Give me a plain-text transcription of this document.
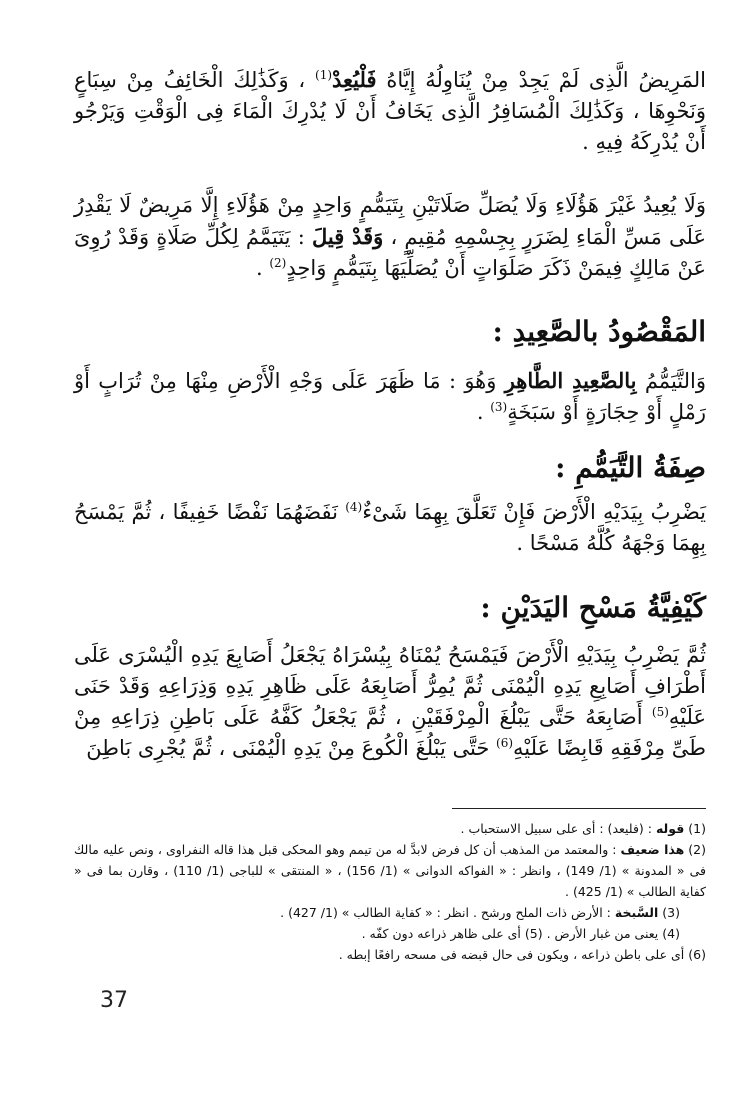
المَرِيضُ الَّذِى لَمْ يَجِدْ مِنْ يُنَاوِلُهُ إِيَّاهُ فَلْيُعِدْ$^{(1)}$ ، وَكَذَٰلِكَ الْخَائِفُ مِنْ سِبَاعٍ وَنَحْوِهَا ، وَكَذَٰلِكَ الْمُسَافِرُ الَّذِى يَخَافُ أَنْ لَا يُدْرِكَ الْمَاءَ فِى الْوَقْتِ وَيَرْجُو أَنْ يُدْرِكَهُ فِيهِ .

وَلَا يُعِيدُ غَيْرَ هَؤُلَاءِ وَلَا يُصَلِّ صَلَاتَيْنِ بِتَيَمُّمٍ وَاحِدٍ مِنْ هَؤُلَاءِ إِلَّا مَرِيضٌ لَا يَقْدِرُ عَلَى مَسِّ الْمَاءِ لِضَرَرٍ بِجِسْمِهِ مُقِيمٍ ، وَقَدْ قِيلَ : يَتَيَمَّمُ لِكُلِّ صَلَاةٍ وَقَدْ رُوِىَ عَنْ مَالِكٍ فِيمَنْ ذَكَرَ صَلَوَاتٍ أَنْ يُصَلِّيَهَا بِتَيَمُّمٍ وَاحِدٍ$^{(2)}$ .

المَقْصُودُ بالصَّعِيدِ :

وَالتَّيَمُّمُ بِالصَّعِيدِ الطَّاهِرِ وَهُوَ : مَا ظَهَرَ عَلَى وَجْهِ الْأَرْضِ مِنْهَا مِنْ تُرَابٍ أَوْ رَمْلٍ أَوْ حِجَارَةٍ أَوْ سَبَخَةٍ$^{(3)}$ .

صِفَةُ التَّيَمُّمِ :

يَضْرِبُ بِيَدَيْهِ الْأَرْضَ فَإِنْ تَعَلَّقَ بِهِمَا شَىْءٌ$^{(4)}$ نَفَضَهُمَا نَفْضًا خَفِيفًا ، ثُمَّ يَمْسَحُ بِهِمَا وَجْهَهُ كُلَّهُ مَسْحًا .

كَيْفِيَّةُ مَسْحِ اليَدَيْنِ :

ثُمَّ يَضْرِبُ بِيَدَيْهِ الْأَرْضَ فَيَمْسَحُ يُمْنَاهُ بِيُسْرَاهُ يَجْعَلُ أَصَابِعَ يَدِهِ الْيُسْرَى عَلَى أَطْرَافِ أَصَابِعِ يَدِهِ الْيُمْنَى ثُمَّ يُمِرُّ أَصَابِعَهُ عَلَى ظَاهِرِ يَدِهِ وَذِرَاعِهِ وَقَدْ حَنَى عَلَيْهِ$^{(5)}$ أَصَابِعَهُ حَتَّى يَبْلُغَ الْمِرْفَقَيْنِ ، ثُمَّ يَجْعَلُ كَفَّهُ عَلَى بَاطِنِ ذِرَاعِهِ مِنْ طَىِّ مِرْفَقِهِ قَابِضًا عَلَيْهِ$^{(6)}$ حَتَّى يَبْلُغَ الْكُوعَ مِنْ يَدِهِ الْيُمْنَى ، ثُمَّ يُجْرِى بَاطِنَ

(1)قوله : (فليعد) : أى على سبيل الاستحباب .

(2)هذا ضعيف : والمعتمد من المذهب أن كل فرض لابدَّ له من تيمم وهو المحكى قبل هذا قاله النفراوى ، ونص عليه مالك فى « المدونة » (1/ 149) ، وانظر : « الفواكه الدوانى » (1/ 156) ، « المنتقى » للباجى (1/ 110) ، وقارن بما فى « كفاية الطالب » (1/ 425) .

(3)السَّبخة : الأرض ذات الملح ورشح . انظر : « كفاية الطالب » (1/ 427) .

(4)يعنى من غبار الأرض . (5) أى على ظاهر ذراعه دون كفّه .

(6)أى على باطن ذراعه ، ويكون فى حال قبضه فى مسحه رافعًا إبطه .

37
